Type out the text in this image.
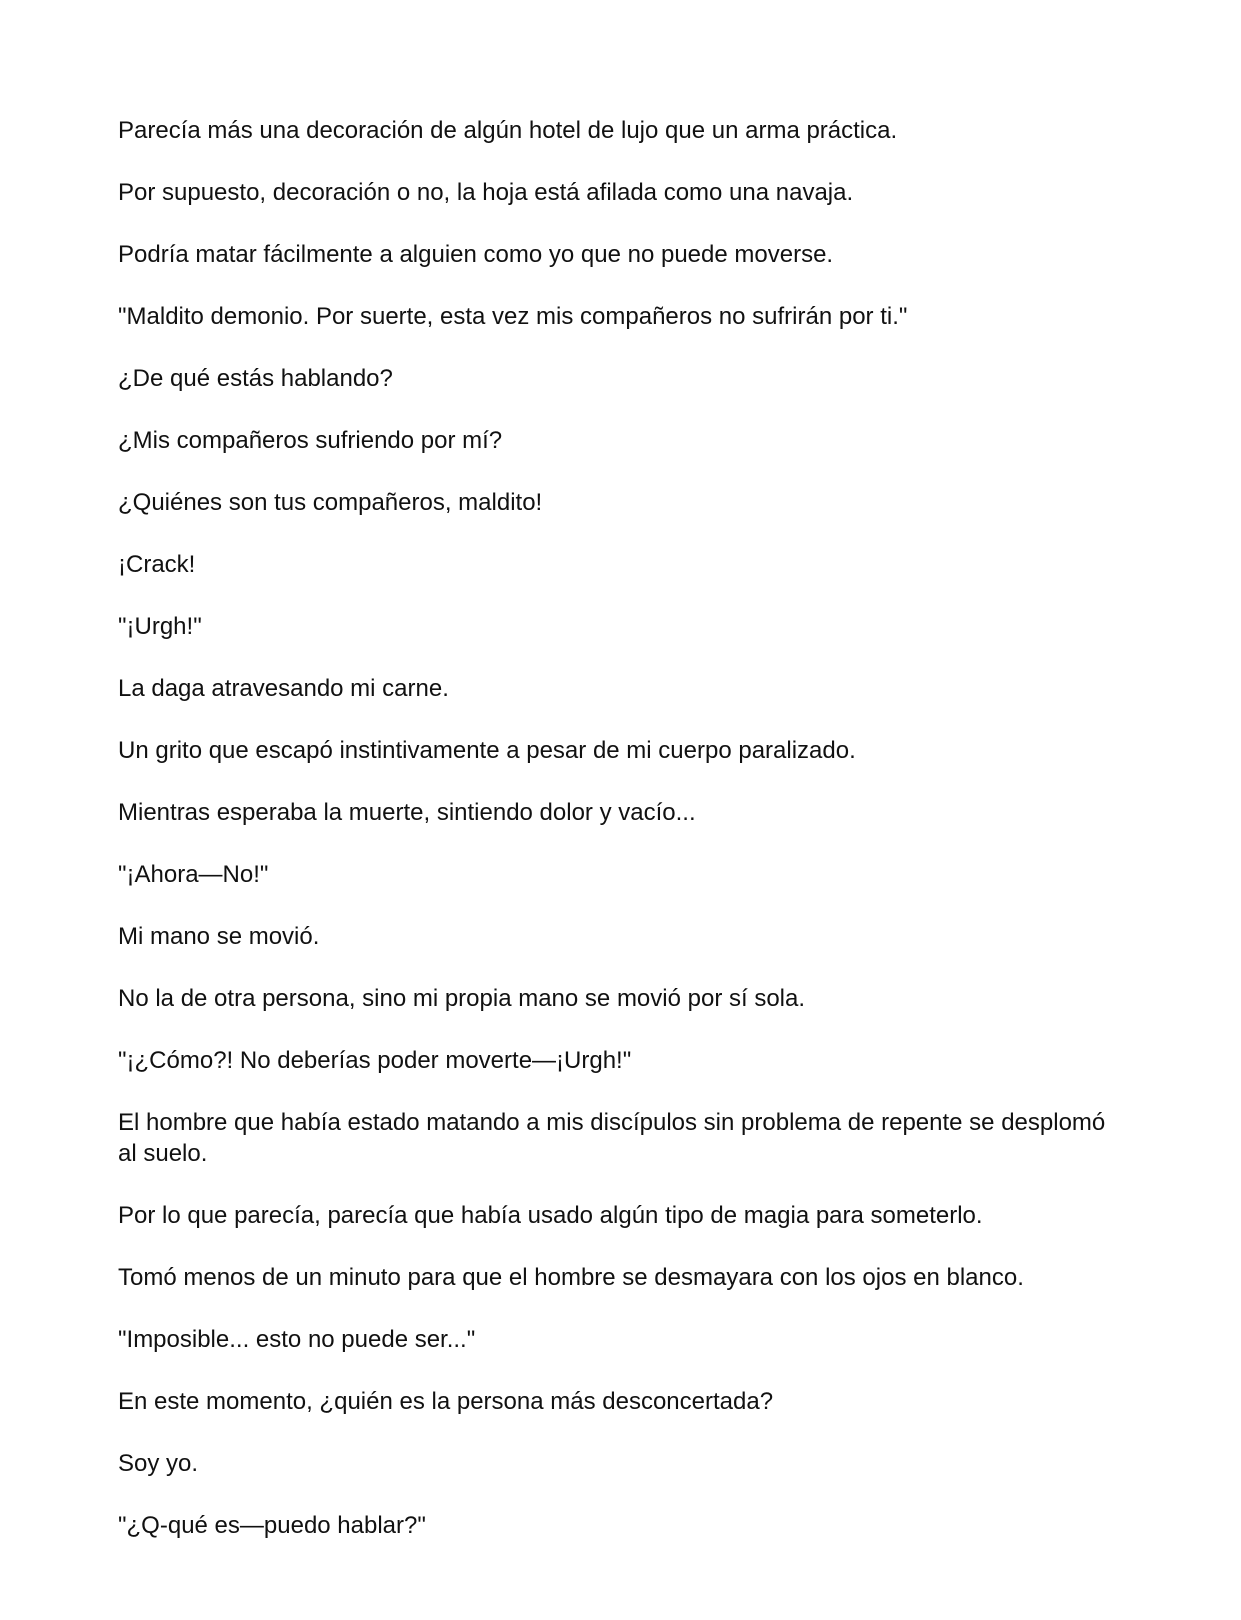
Parecía más una decoración de algún hotel de lujo que un arma práctica.

Por supuesto, decoración o no, la hoja está afilada como una navaja.

Podría matar fácilmente a alguien como yo que no puede moverse.

"Maldito demonio. Por suerte, esta vez mis compañeros no sufrirán por ti."

¿De qué estás hablando?

¿Mis compañeros sufriendo por mí?

¿Quiénes son tus compañeros, maldito!

¡Crack!

"¡Urgh!"

La daga atravesando mi carne.

Un grito que escapó instintivamente a pesar de mi cuerpo paralizado.

Mientras esperaba la muerte, sintiendo dolor y vacío...

"¡Ahora—No!"

Mi mano se movió.

No la de otra persona, sino mi propia mano se movió por sí sola.

"¡¿Cómo?! No deberías poder moverte—¡Urgh!"

El hombre que había estado matando a mis discípulos sin problema de repente se desplomó al suelo.

Por lo que parecía, parecía que había usado algún tipo de magia para someterlo.

Tomó menos de un minuto para que el hombre se desmayara con los ojos en blanco.

"Imposible... esto no puede ser..."

En este momento, ¿quién es la persona más desconcertada?

Soy yo.

"¿Q-qué es—puedo hablar?"
